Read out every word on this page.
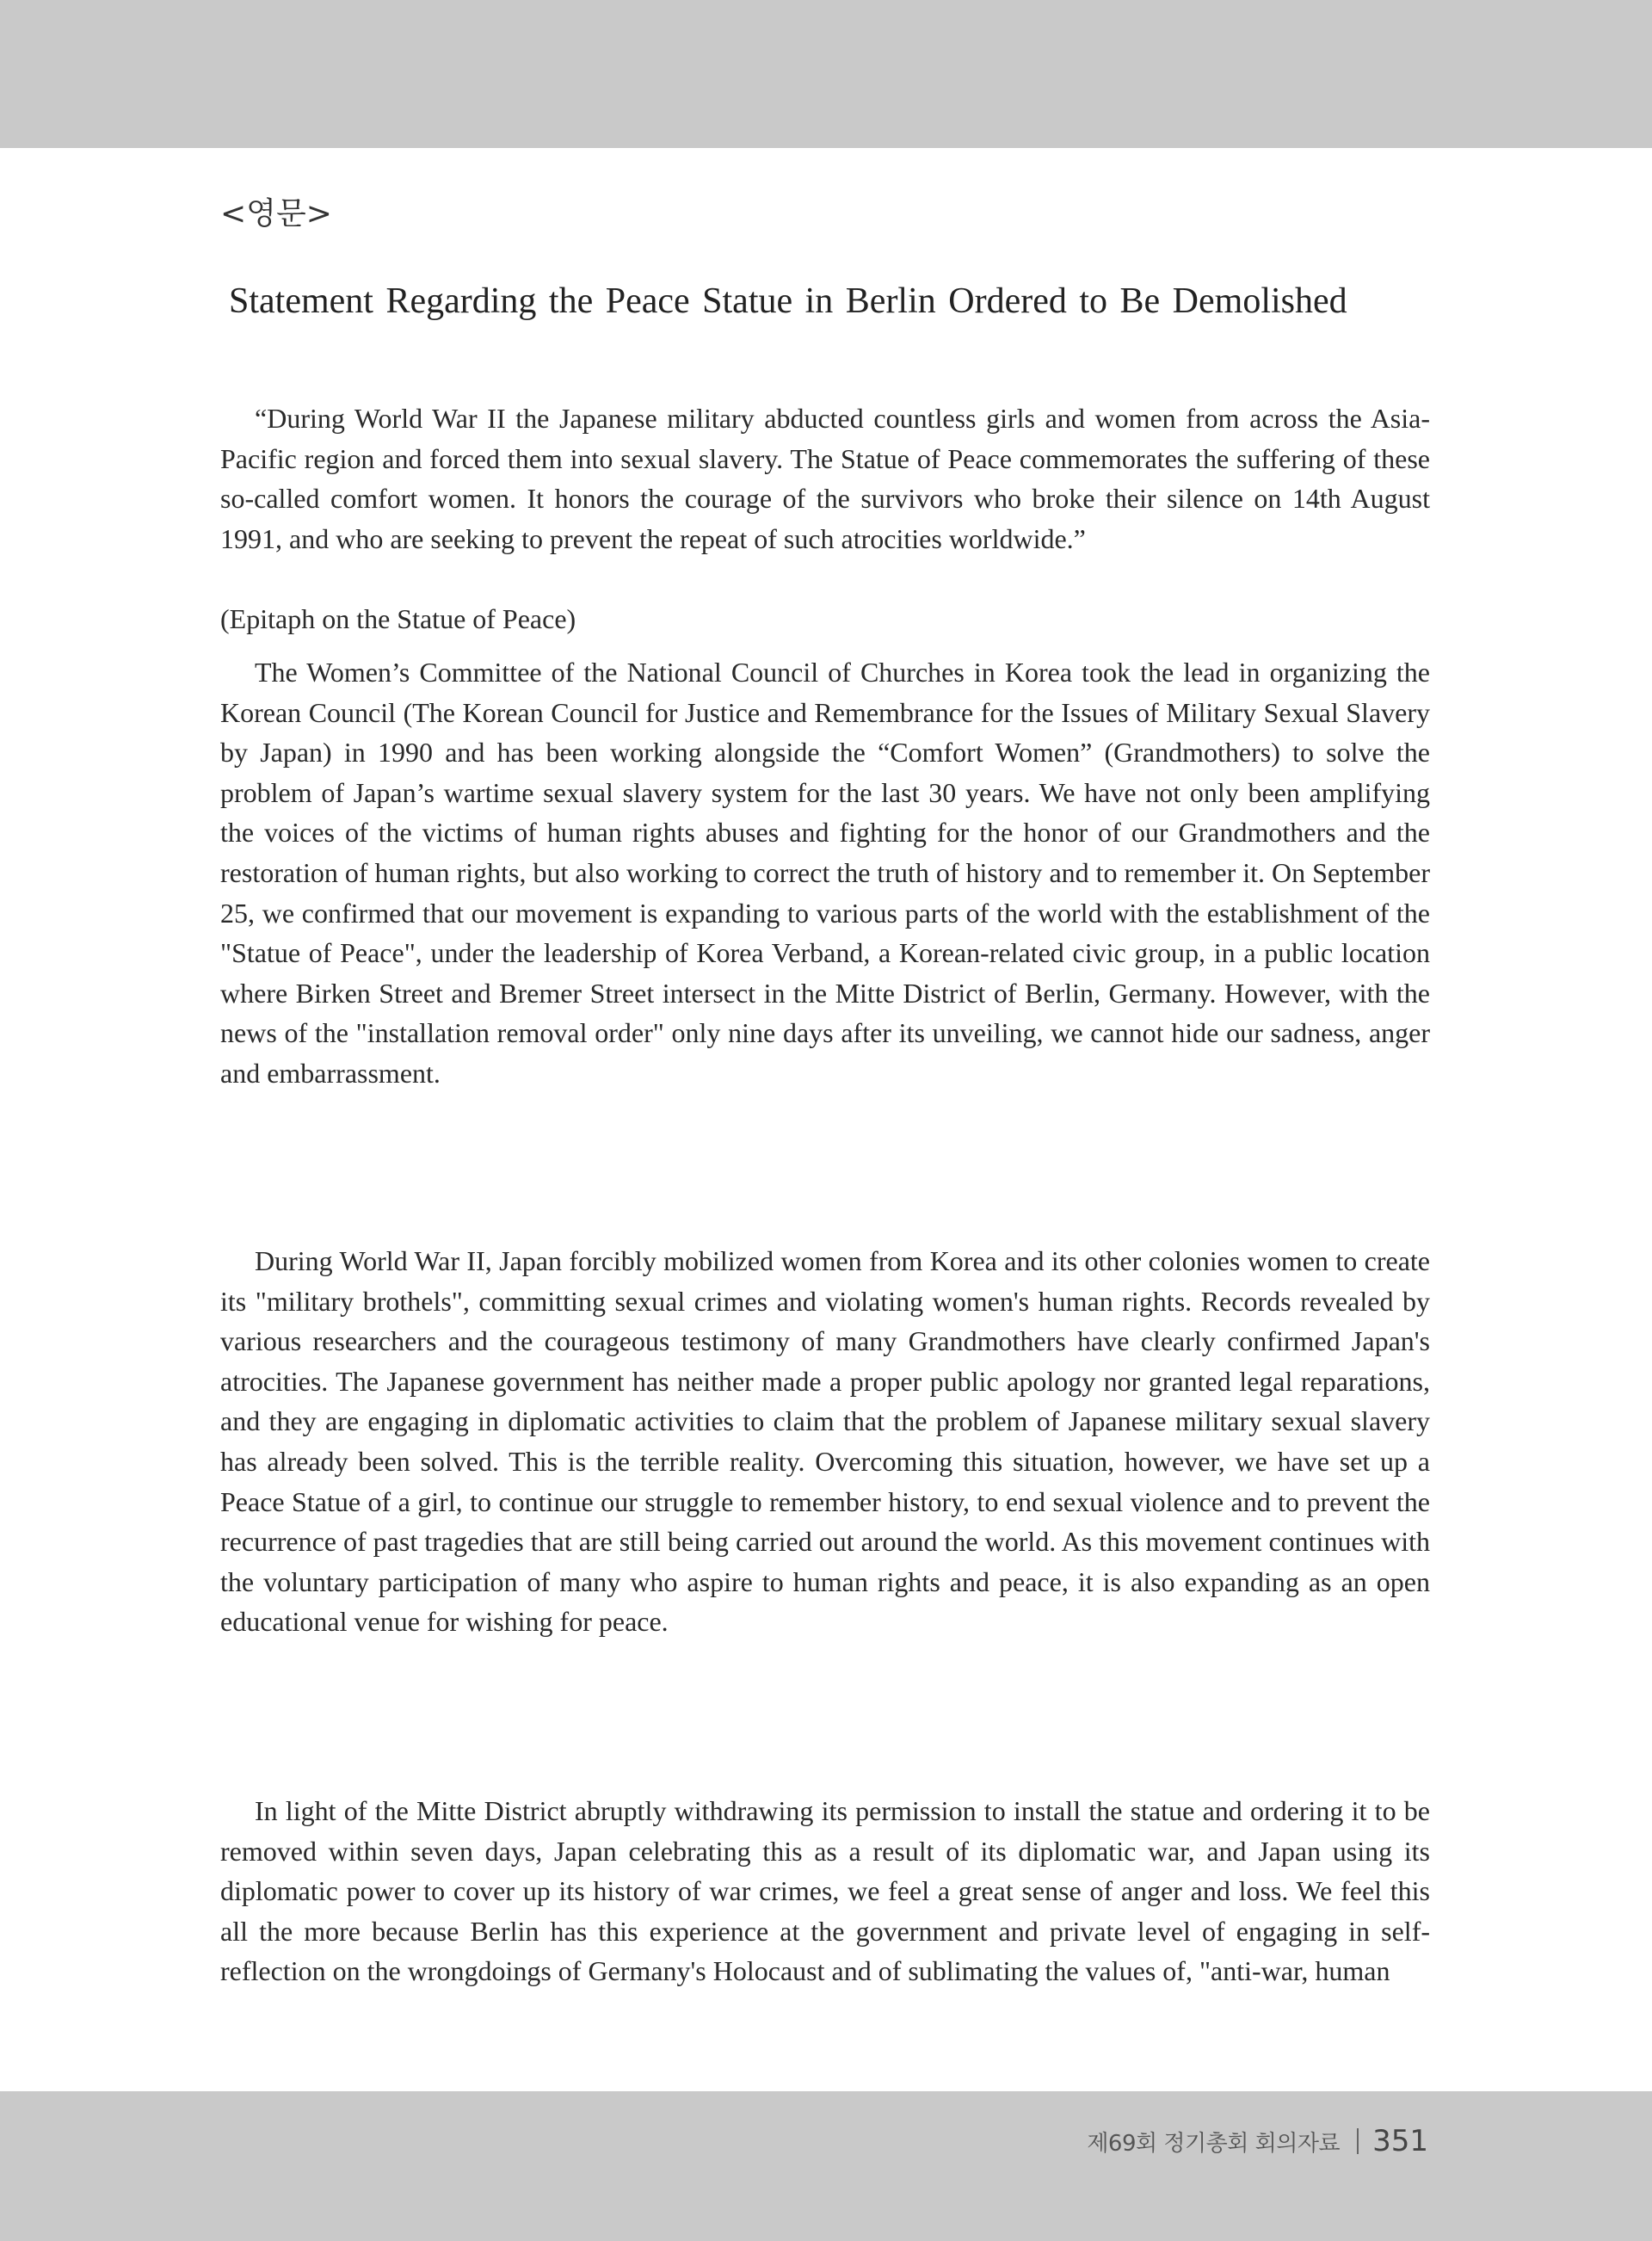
<영문>
Statement Regarding the Peace Statue in Berlin Ordered to Be Demolished

“During World War II the Japanese military abducted countless girls and women from across the Asia-Pacific region and forced them into sexual slavery. The Statue of Peace commemorates the suffering of these so-called comfort women. It honors the courage of the survivors who broke their silence on 14th August 1991, and who are seeking to prevent the repeat of such atrocities worldwide.”

(Epitaph on the Statue of Peace)

The Women’s Committee of the National Council of Churches in Korea took the lead in organizing the Korean Council (The Korean Council for Justice and Remembrance for the Issues of Military Sexual Slavery by Japan) in 1990 and has been working alongside the “Comfort Women” (Grandmothers) to solve the problem of Japan’s wartime sexual slavery system for the last 30 years. We have not only been amplifying the voices of the victims of human rights abuses and fighting for the honor of our Grandmothers and the restoration of human rights, but also working to correct the truth of history and to remember it. On September 25, we confirmed that our movement is expanding to various parts of the world with the establishment of the "Statue of Peace", under the leadership of Korea Verband, a Korean-related civic group, in a public location where Birken Street and Bremer Street intersect in the Mitte District of Berlin, Germany. However, with the news of the "installation removal order" only nine days after its unveiling, we cannot hide our sadness, anger and embarrassment.

During World War II, Japan forcibly mobilized women from Korea and its other colonies women to create its "military brothels", committing sexual crimes and violating women's human rights. Records revealed by various researchers and the courageous testimony of many Grandmothers have clearly confirmed Japan's atrocities. The Japanese government has neither made a proper public apology nor granted legal reparations, and they are engaging in diplomatic activities to claim that the problem of Japanese military sexual slavery has already been solved. This is the terrible reality. Overcoming this situation, however, we have set up a Peace Statue of a girl, to continue our struggle to remember history, to end sexual violence and to prevent the recurrence of past tragedies that are still being carried out around the world. As this movement continues with the voluntary participation of many who aspire to human rights and peace, it is also expanding as an open educational venue for wishing for peace.

In light of the Mitte District abruptly withdrawing its permission to install the statue and ordering it to be removed within seven days, Japan celebrating this as a result of its diplomatic war, and Japan using its diplomatic power to cover up its history of war crimes, we feel a great sense of anger and loss. We feel this all the more because Berlin has this experience at the government and private level of engaging in self-reflection on the wrongdoings of Germany's Holocaust and of sublimating the values of, "anti-war, human

제69회 정기총회 회의자료 351
